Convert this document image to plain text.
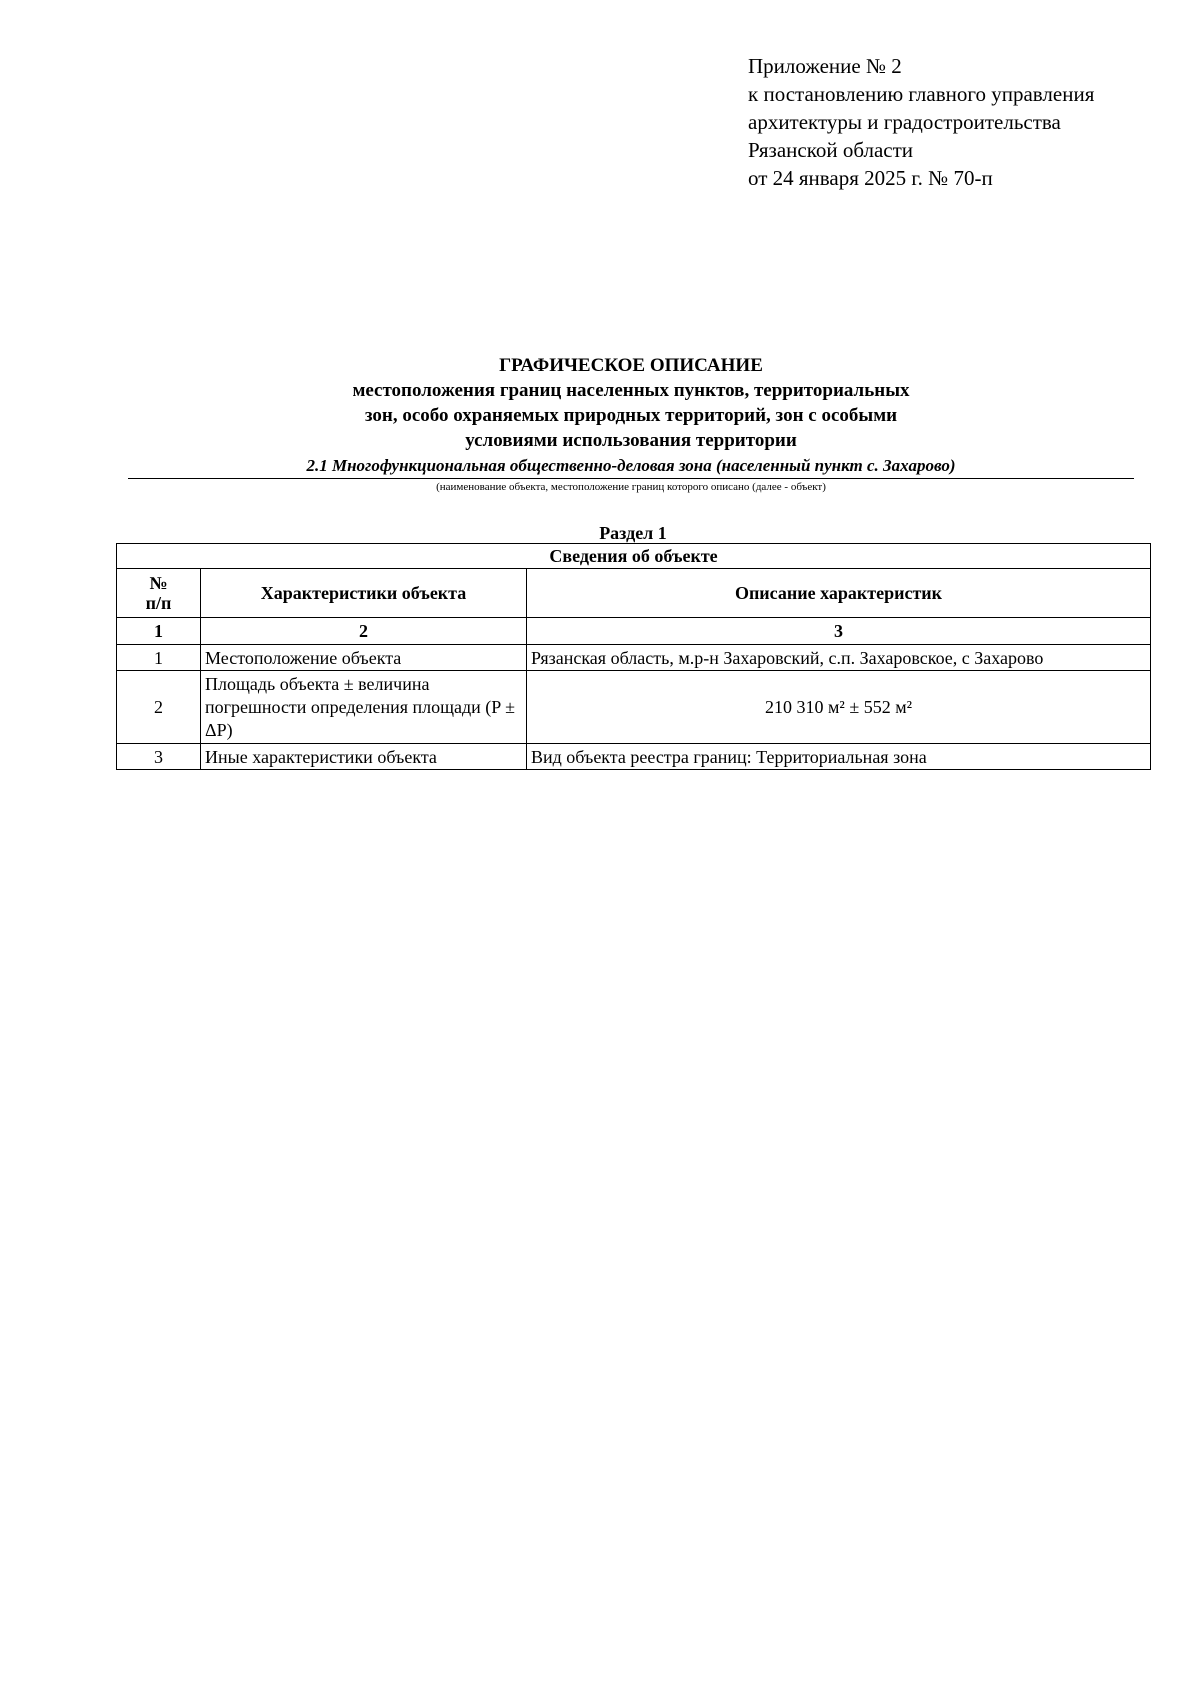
Приложение № 2
к постановлению главного управления
архитектуры и градостроительства
Рязанской области
от 24 января 2025 г. № 70-п
ГРАФИЧЕСКОЕ ОПИСАНИЕ
местоположения границ населенных пунктов, территориальных
зон, особо охраняемых природных территорий, зон с особыми
условиями использования территории
2.1 Многофункциональная общественно-деловая зона (населенный пункт с. Захарово)
(наименование объекта, местоположение границ которого описано (далее - объект)
Раздел 1
Сведения об объекте		

№
п/п	Характеристики объекта	Описание характеристик
1	2	3
1	Местоположение объекта	Рязанская область, м.р-н Захаровский, с.п. Захаровское, с Захарово
2	Площадь объекта ± величина погрешности определения площади (P ± ΔP)	210 310 м² ± 552 м²
3	Иные характеристики объекта	Вид объекта реестра границ: Территориальная зона
